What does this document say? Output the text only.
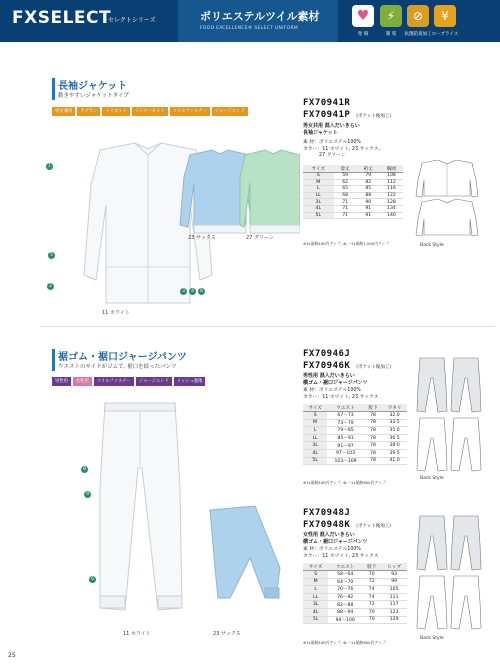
FXSELECT
セレクトシリーズ	ポリエステルツイル素材
FOOD EXCELLENCE® SELECT UNIFORM
♥
発 揚
⚡
制 電
⊘
抗菌防臭加工
¥
ローブライス
長袖ジャケット
動きやすいジャケットタイプ
男女兼用	ラグラン	トリカット	インナーネット	コイルファスナー	ジャージエンド
1
5
2
3	4	6
11 ホワイト
23 サックス	27 グリーン
FX70941R
FX70941P (ポケット後加工)
男女共用 混入だいきらい
長袖ジャケット
素 材：ポリエステル100%
カラー：11 ホワイト, 23 サックス,
27 グリーン
サイズ	着丈	裄丈	胸囲
S	59	79	108
M	62	82	112
L	65	85	116
LL	68	88	122
3L	71	90	128
4L	71	91	134
5L	71	91	140
※3L価格400円アップ, 4L・5L価格1,000円アップ	Back Style
裾ゴム・裾口ジャージパンツ
ウエストのサイドがゴムで, 裾口を絞ったパンツ
男性用	女性用	コイルファスナー	ジャージエンド	メッシュ裏地
8
9
6
11 ホワイト	23 サックス
FX70946J
FX70946K (ポケット後加工)
男性用 混入だいきらい
横ゴム・裾口ジャージパンツ
素 材：ポリエステル100%
カラー：11 ホワイト, 23 サックス
サイズ	ウエスト	股下	ワタリ
S	67～73	78	32.0
M	73～79	78	33.5
L	79～85	78	35.0
LL	85～91	78	36.5
3L	91～97	78	38.0
4L	97～103	78	39.5
5L	103～109	78	41.0
※3L価格400円アップ, 4L・5L価格600円アップ
Back Style
FX70948J
FX70948K (ポケット後加工)
女性用 混入だいきらい
横ゴム・裾口ジャージパンツ
素 材：ポリエステル100%
カラー：11 ホワイト, 23 サックス
サイズ	ウエスト	股下	ヒップ
S	58～64	70	93
M	64～70	72	99
L	70～76	74	105
LL	76～82	74	111
3L	82～88	72	117
4L	88～94	70	123
5L	94～100	70	129
※3L価格400円アップ, 4L・5L価格600円アップ
Back Style
25
